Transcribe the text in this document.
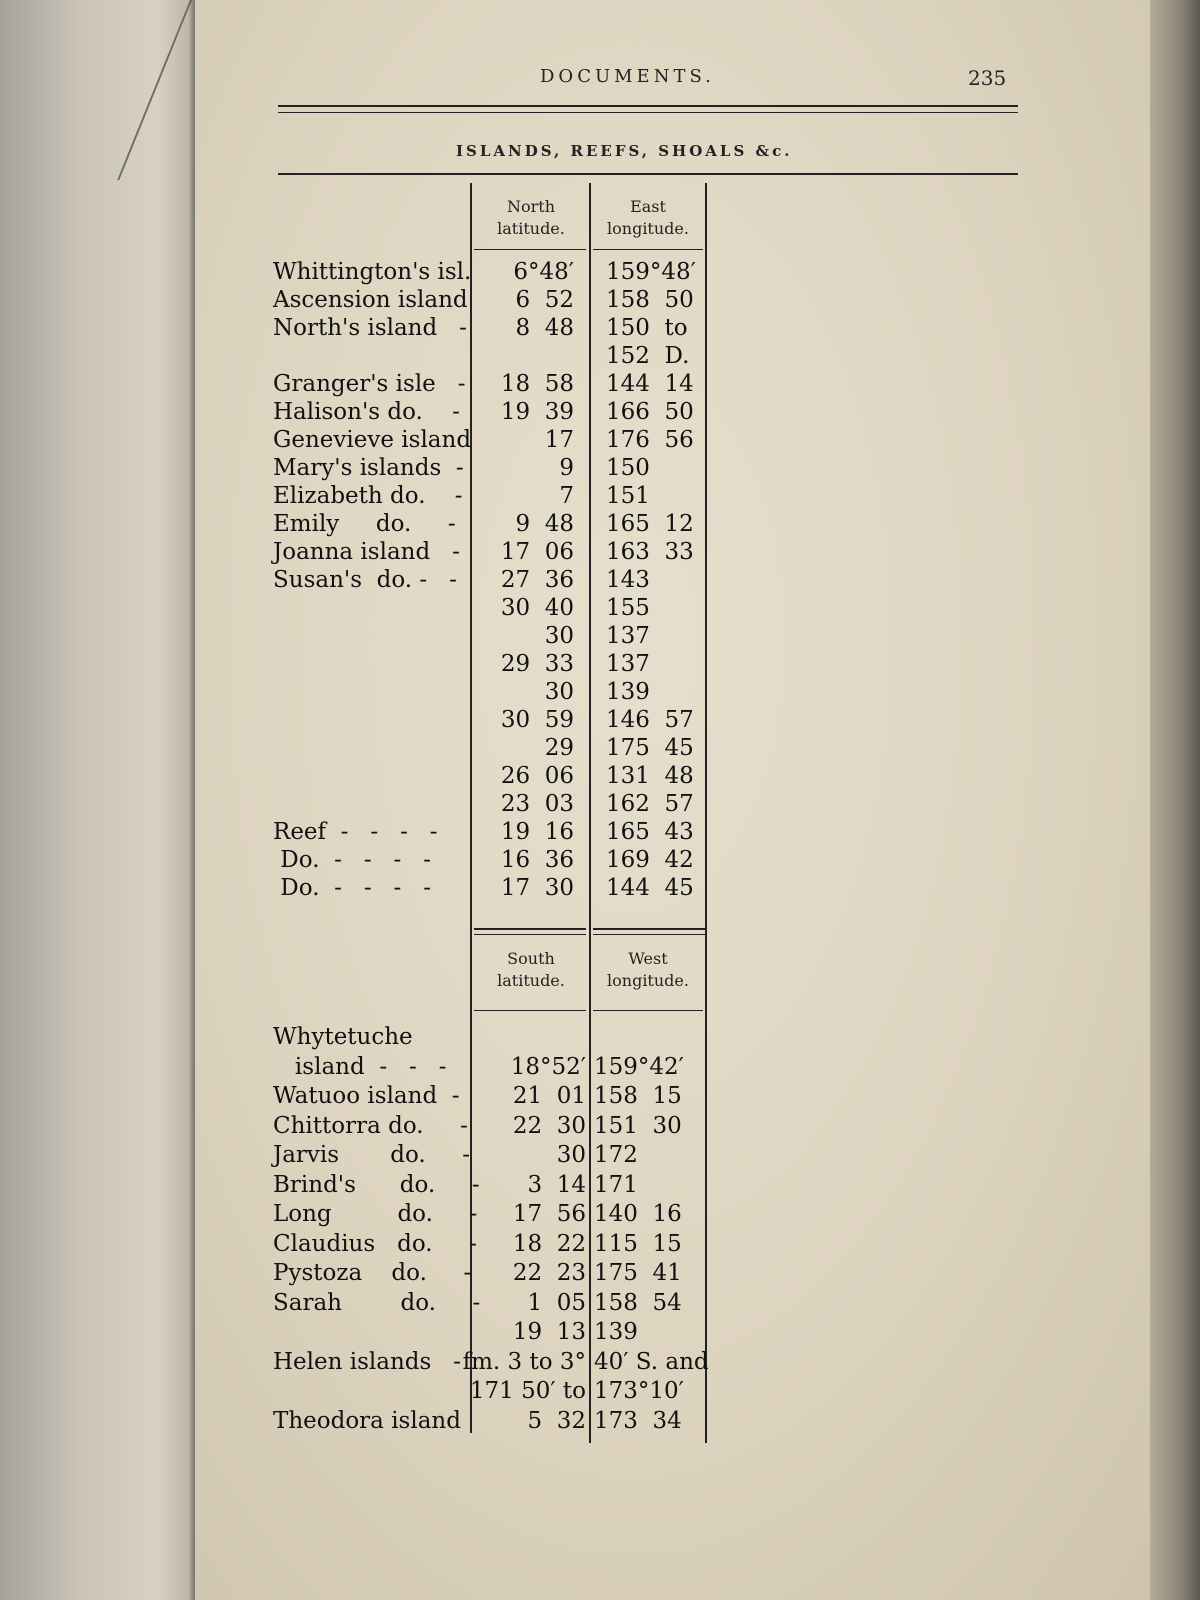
DOCUMENTS.	235
ISLANDS, REEFS, SHOALS &c.
North
latitude.
East
longitude.
Whittington's isl.
Ascension island
North's island   -
Granger's isle   -
Halison's do.    -
Genevieve island
Mary's islands  -
Elizabeth do.    -
Emily     do.     -
Joanna island   -
Susan's  do. -   -
Reef  -   -   -   -
Do.  -   -   -   -
Do.  -   -   -   -
6°48′
6  52
8  48
18  58
19  39
17
9
7
9  48
17  06
27  36
30  40
30
29  33
30
30  59
29
26  06
23  03
19  16
16  36
17  30
159°48′
158  50
150  to
152  D.
144  14
166  50
176  56
150
151
165  12
163  33
143
155
137
137
139
146  57
175  45
131  48
162  57
165  43
169  42
144  45
South
latitude.
West
longitude.
Whytetuche
island  -   -   -
Watuoo island  -
Chittorra do.     -
Jarvis       do.     -
Brind's      do.     -
Long         do.     -
Claudius   do.     -
Pystoza    do.     -
Sarah        do.     -
Helen islands   -
Theodora island
18°52′
21  01
22  30
30
3  14
17  56
18  22
22  23
1  05
19  13
fm. 3 to 3°
171 50′ to
5  32
159°42′
158  15
151  30
172
171
140  16
115  15
175  41
158  54
139
40′ S. and
173°10′
173  34
